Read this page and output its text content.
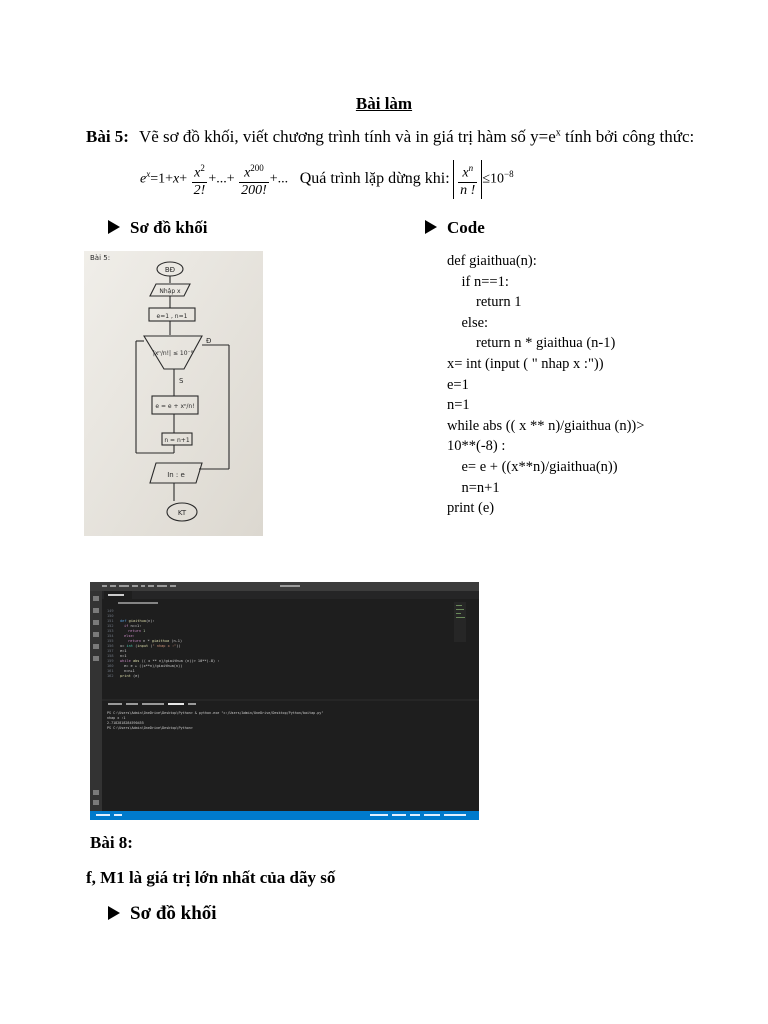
Bài làm
Bài 5: Vẽ sơ đồ khối, viết chương trình tính và in giá trị hàm số $y=e^x$ tính bởi công thức:
$e^x=1+x+ \frac{x^2}{2!}$ +...+ $\frac{x^{200}}{200!}$ +... Quá trình lặp dừng khi: $\frac{x^n}{n !} \le 10^{-8}$
Sơ đồ khối	Code
Bài 5:
BĐ
Nhập x
e=1 , n=1
|xⁿ/n!| ≤ 10⁻⁸
Đ
S
e = e + xⁿ/n!
n = n+1
In : e
KT
def giaithua(n):
if n==1:
return 1
else:
return n * giaithua (n-1)
x= int (input ( " nhap x :"))
e=1
n=1
while abs (( x ** n)/giaithua (n))>
10**(-8) :
e= e + ((x**n)/giaithua(n))
n=n+1
print (e)
149
150
151
152
153
154
155
156
157
158
159
160
161
162
def giaithua(n):
if n==1:
return 1
else:
return n * giaithua (n-1)
x= int (input (" nhap x :"))
e=1
n=1
while abs (( x ** n)/giaithua (n))> 10**(-8) :
e= e + ((x**n)/giaithua(n))
n=n+1
print (e)
PS C:\Users\Admin\OneDrive\Desktop\Python> & python.exe "c:/Users/Admin/OneDrive/Desktop/Python/baitap.py"
nhap x :1
2.7182818284590455
PS C:\Users\Admin\OneDrive\Desktop\Python>
Bài 8:
f, M1 là giá trị lớn nhất của dãy số
Sơ đồ khối
